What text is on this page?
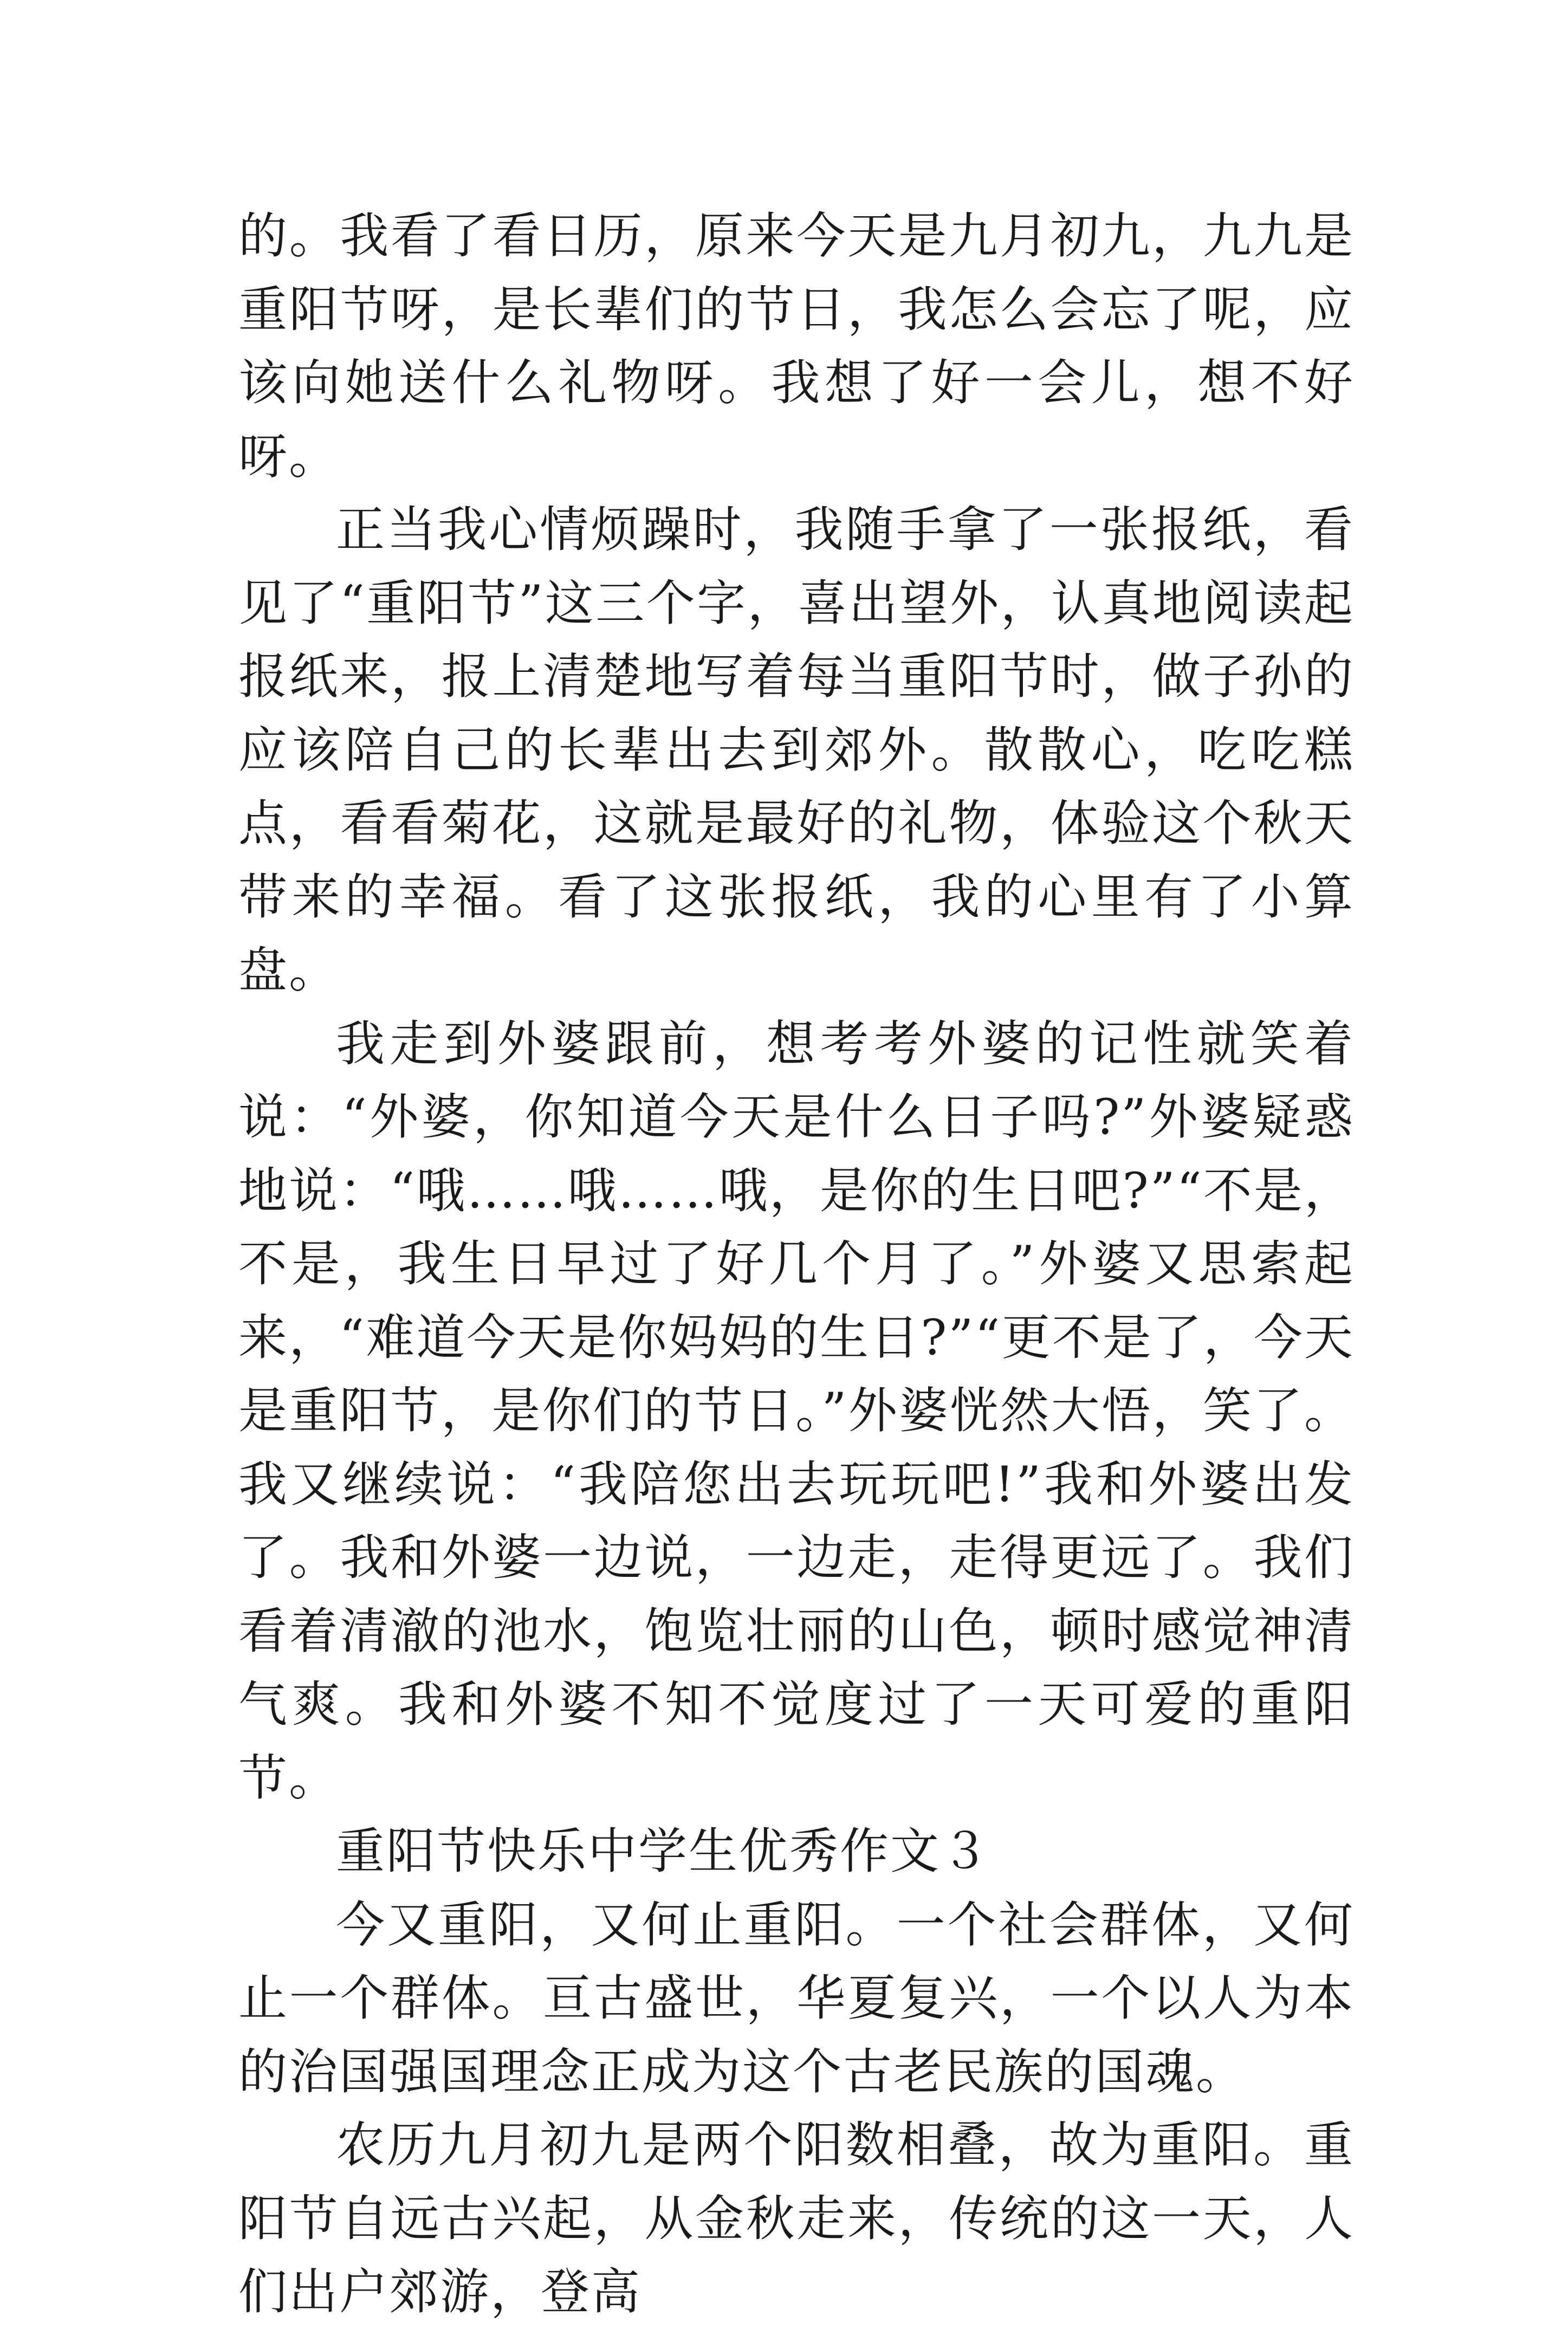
的。我看了看日历，原来今天是九月初九，九九是重阳节呀，是长辈们的节日，我怎么会忘了呢，应该向她送什么礼物呀。我想了好一会儿，想不好呀。

正当我心情烦躁时，我随手拿了一张报纸，看见了“重阳节”这三个字，喜出望外，认真地阅读起报纸来，报上清楚地写着每当重阳节时，做子孙的应该陪自己的长辈出去到郊外。散散心，吃吃糕点，看看菊花，这就是最好的礼物，体验这个秋天带来的幸福。看了这张报纸，我的心里有了小算盘。

我走到外婆跟前，想考考外婆的记性就笑着说：“外婆，你知道今天是什么日子吗?”外婆疑惑地说：“哦……哦……哦，是你的生日吧?”“不是，不是，我生日早过了好几个月了。”外婆又思索起来，“难道今天是你妈妈的生日?”“更不是了，今天是重阳节，是你们的节日。”外婆恍然大悟，笑了。我又继续说：“我陪您出去玩玩吧!”我和外婆出发了。我和外婆一边说，一边走，走得更远了。我们看着清澈的池水，饱览壮丽的山色，顿时感觉神清气爽。我和外婆不知不觉度过了一天可爱的重阳节。

重阳节快乐中学生优秀作文３

今又重阳，又何止重阳。一个社会群体，又何止一个群体。亘古盛世，华夏复兴，一个以人为本的治国强国理念正成为这个古老民族的国魂。

农历九月初九是两个阳数相叠，故为重阳。重阳节自远古兴起，从金秋走来，传统的这一天，人们出户郊游，登高
